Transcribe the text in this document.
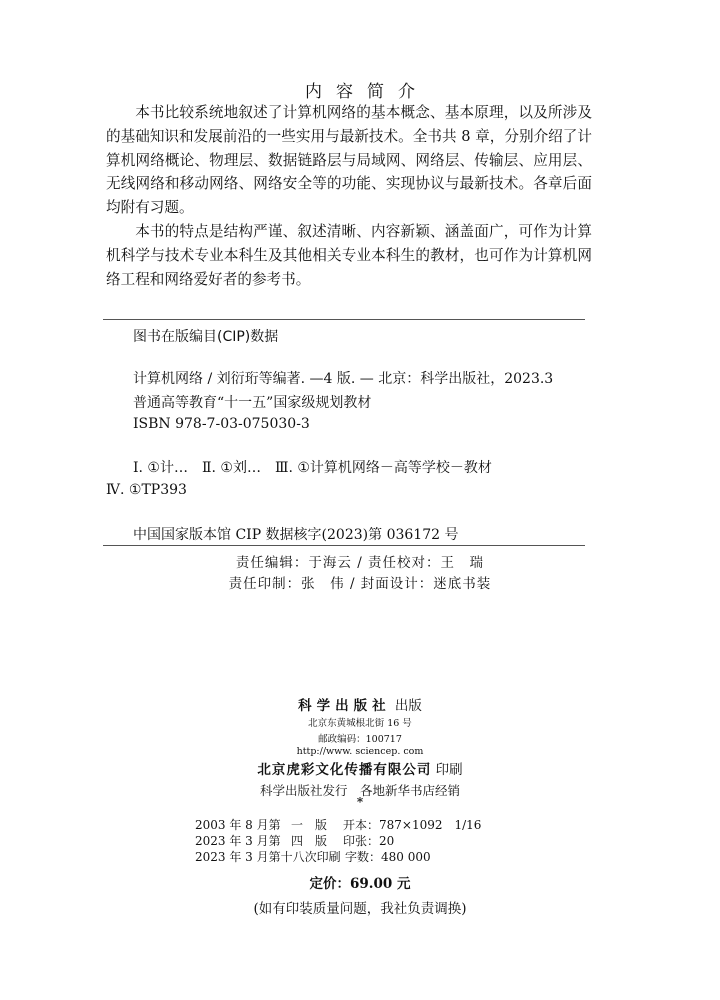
内容简介

本书比较系统地叙述了计算机网络的基本概念、基本原理，以及所涉及的基础知识和发展前沿的一些实用与最新技术。全书共 8 章，分别介绍了计算机网络概论、物理层、数据链路层与局域网、网络层、传输层、应用层、无线网络和移动网络、网络安全等的功能、实现协议与最新技术。各章后面均附有习题。

本书的特点是结构严谨、叙述清晰、内容新颖、涵盖面广，可作为计算机科学与技术专业本科生及其他相关专业本科生的教材，也可作为计算机网络工程和网络爱好者的参考书。

图书在版编目(CIP)数据
计算机网络 / 刘衍珩等编著. —4 版. — 北京：科学出版社，2023.3
普通高等教育“十一五”国家级规划教材
ISBN 978-7-03-075030-3
Ⅰ. ①计…　Ⅱ. ①刘…　Ⅲ. ①计算机网络－高等学校－教材
Ⅳ. ①TP393
中国国家版本馆 CIP 数据核字(2023)第 036172 号
责任编辑：于海云 / 责任校对：王　瑞
责任印制：张　伟 / 封面设计：迷底书装
科学出版社 出版
北京东黄城根北街 16 号
邮政编码：100717
http://www. sciencep. com
北京虎彩文化传播有限公司 印刷
科学出版社发行　各地新华书店经销
*
2003 年 8 月第 一　版 开本：787×1092　1/16
2023 年 3 月第 四　版 印张：20
2023 年 3 月第十八次印刷 字数：480 000
定价：69.00 元
(如有印装质量问题，我社负责调换)
